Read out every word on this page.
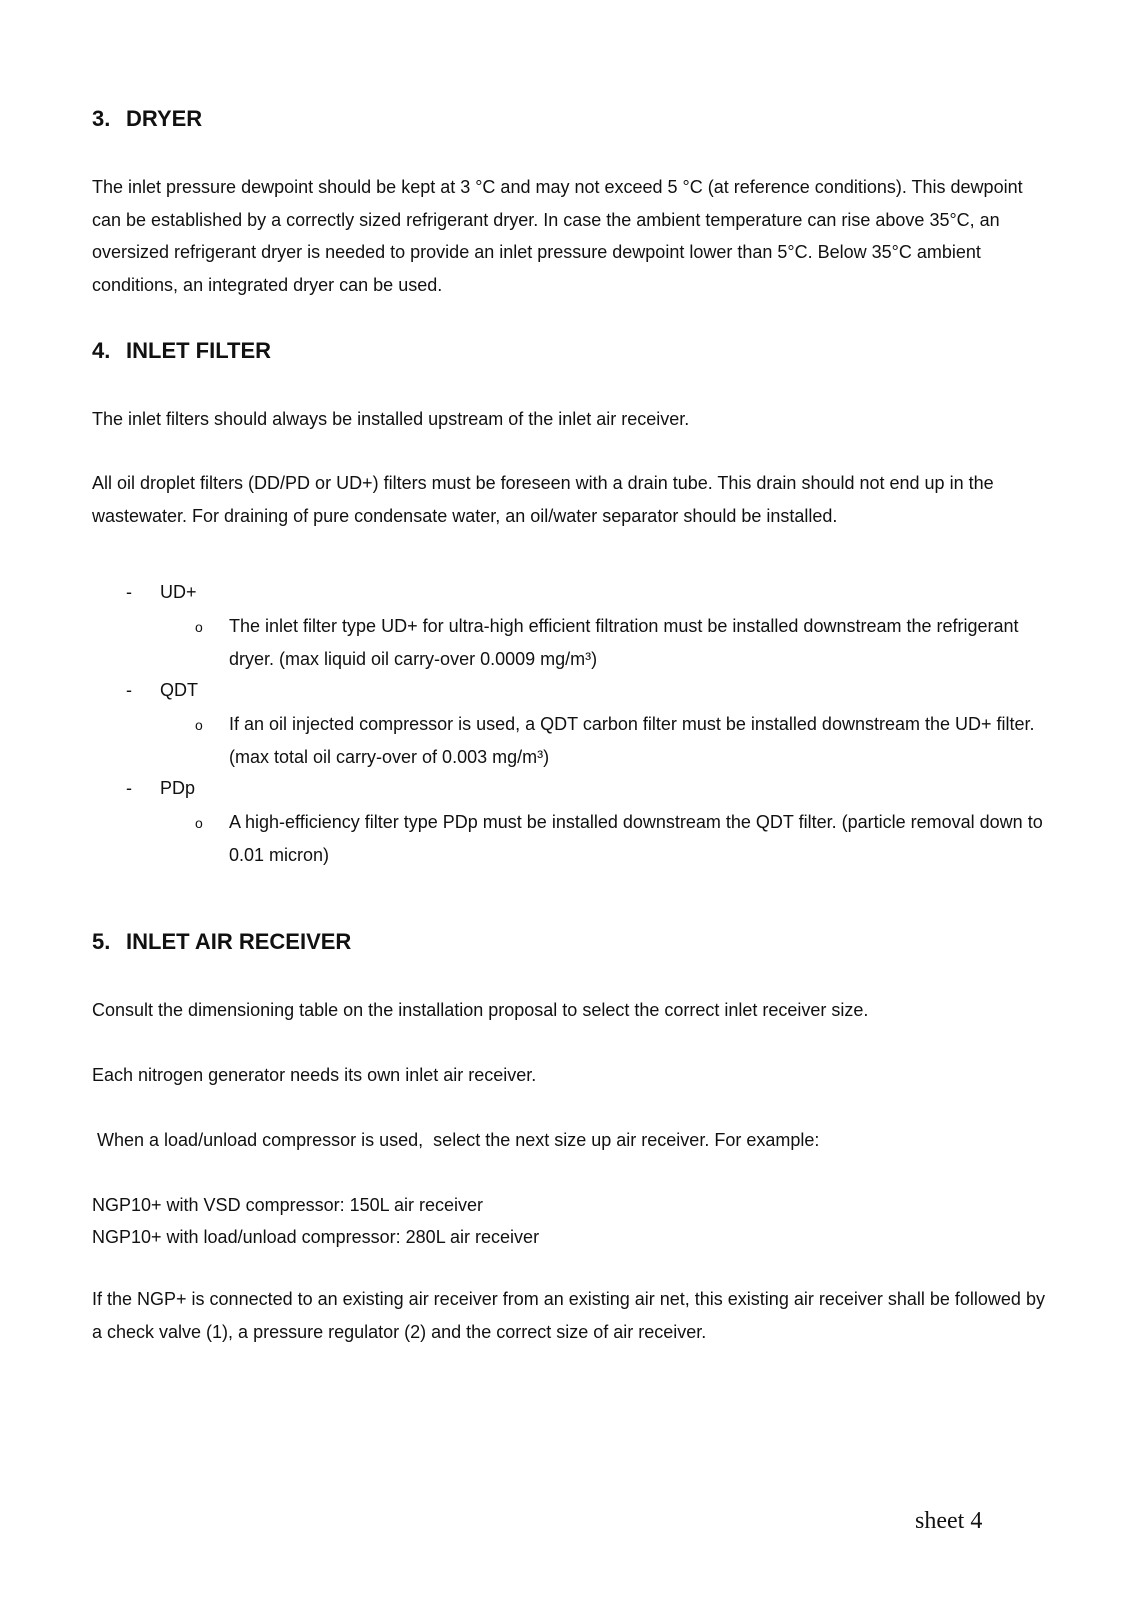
3. DRYER

The inlet pressure dewpoint should be kept at 3 °C and may not exceed 5 °C (at reference conditions). This dewpoint can be established by a correctly sized refrigerant dryer. In case the ambient temperature can rise above 35°C, an oversized refrigerant dryer is needed to provide an inlet pressure dewpoint lower than 5°C. Below 35°C ambient conditions, an integrated dryer can be used.

4. INLET FILTER

The inlet filters should always be installed upstream of the inlet air receiver.

All oil droplet filters (DD/PD or UD+) filters must be foreseen with a drain tube. This drain should not end up in the wastewater. For draining of pure condensate water, an oil/water separator should be installed.

- UD+
o The inlet filter type UD+ for ultra-high efficient filtration must be installed downstream the refrigerant dryer. (max liquid oil carry-over 0.0009 mg/m³)

- QDT
o If an oil injected compressor is used, a QDT carbon filter must be installed downstream the UD+ filter. (max total oil carry-over of 0.003 mg/m³)

- PDp
o A high-efficiency filter type PDp must be installed downstream the QDT filter. (particle removal down to 0.01 micron)

5. INLET AIR RECEIVER

Consult the dimensioning table on the installation proposal to select the correct inlet receiver size.

Each nitrogen generator needs its own inlet air receiver.

When a load/unload compressor is used,  select the next size up air receiver. For example:

NGP10+ with VSD compressor: 150L air receiver

NGP10+ with load/unload compressor: 280L air receiver

If the NGP+ is connected to an existing air receiver from an existing air net, this existing air receiver shall be followed by a check valve (1), a pressure regulator (2) and the correct size of air receiver.

sheet 4
